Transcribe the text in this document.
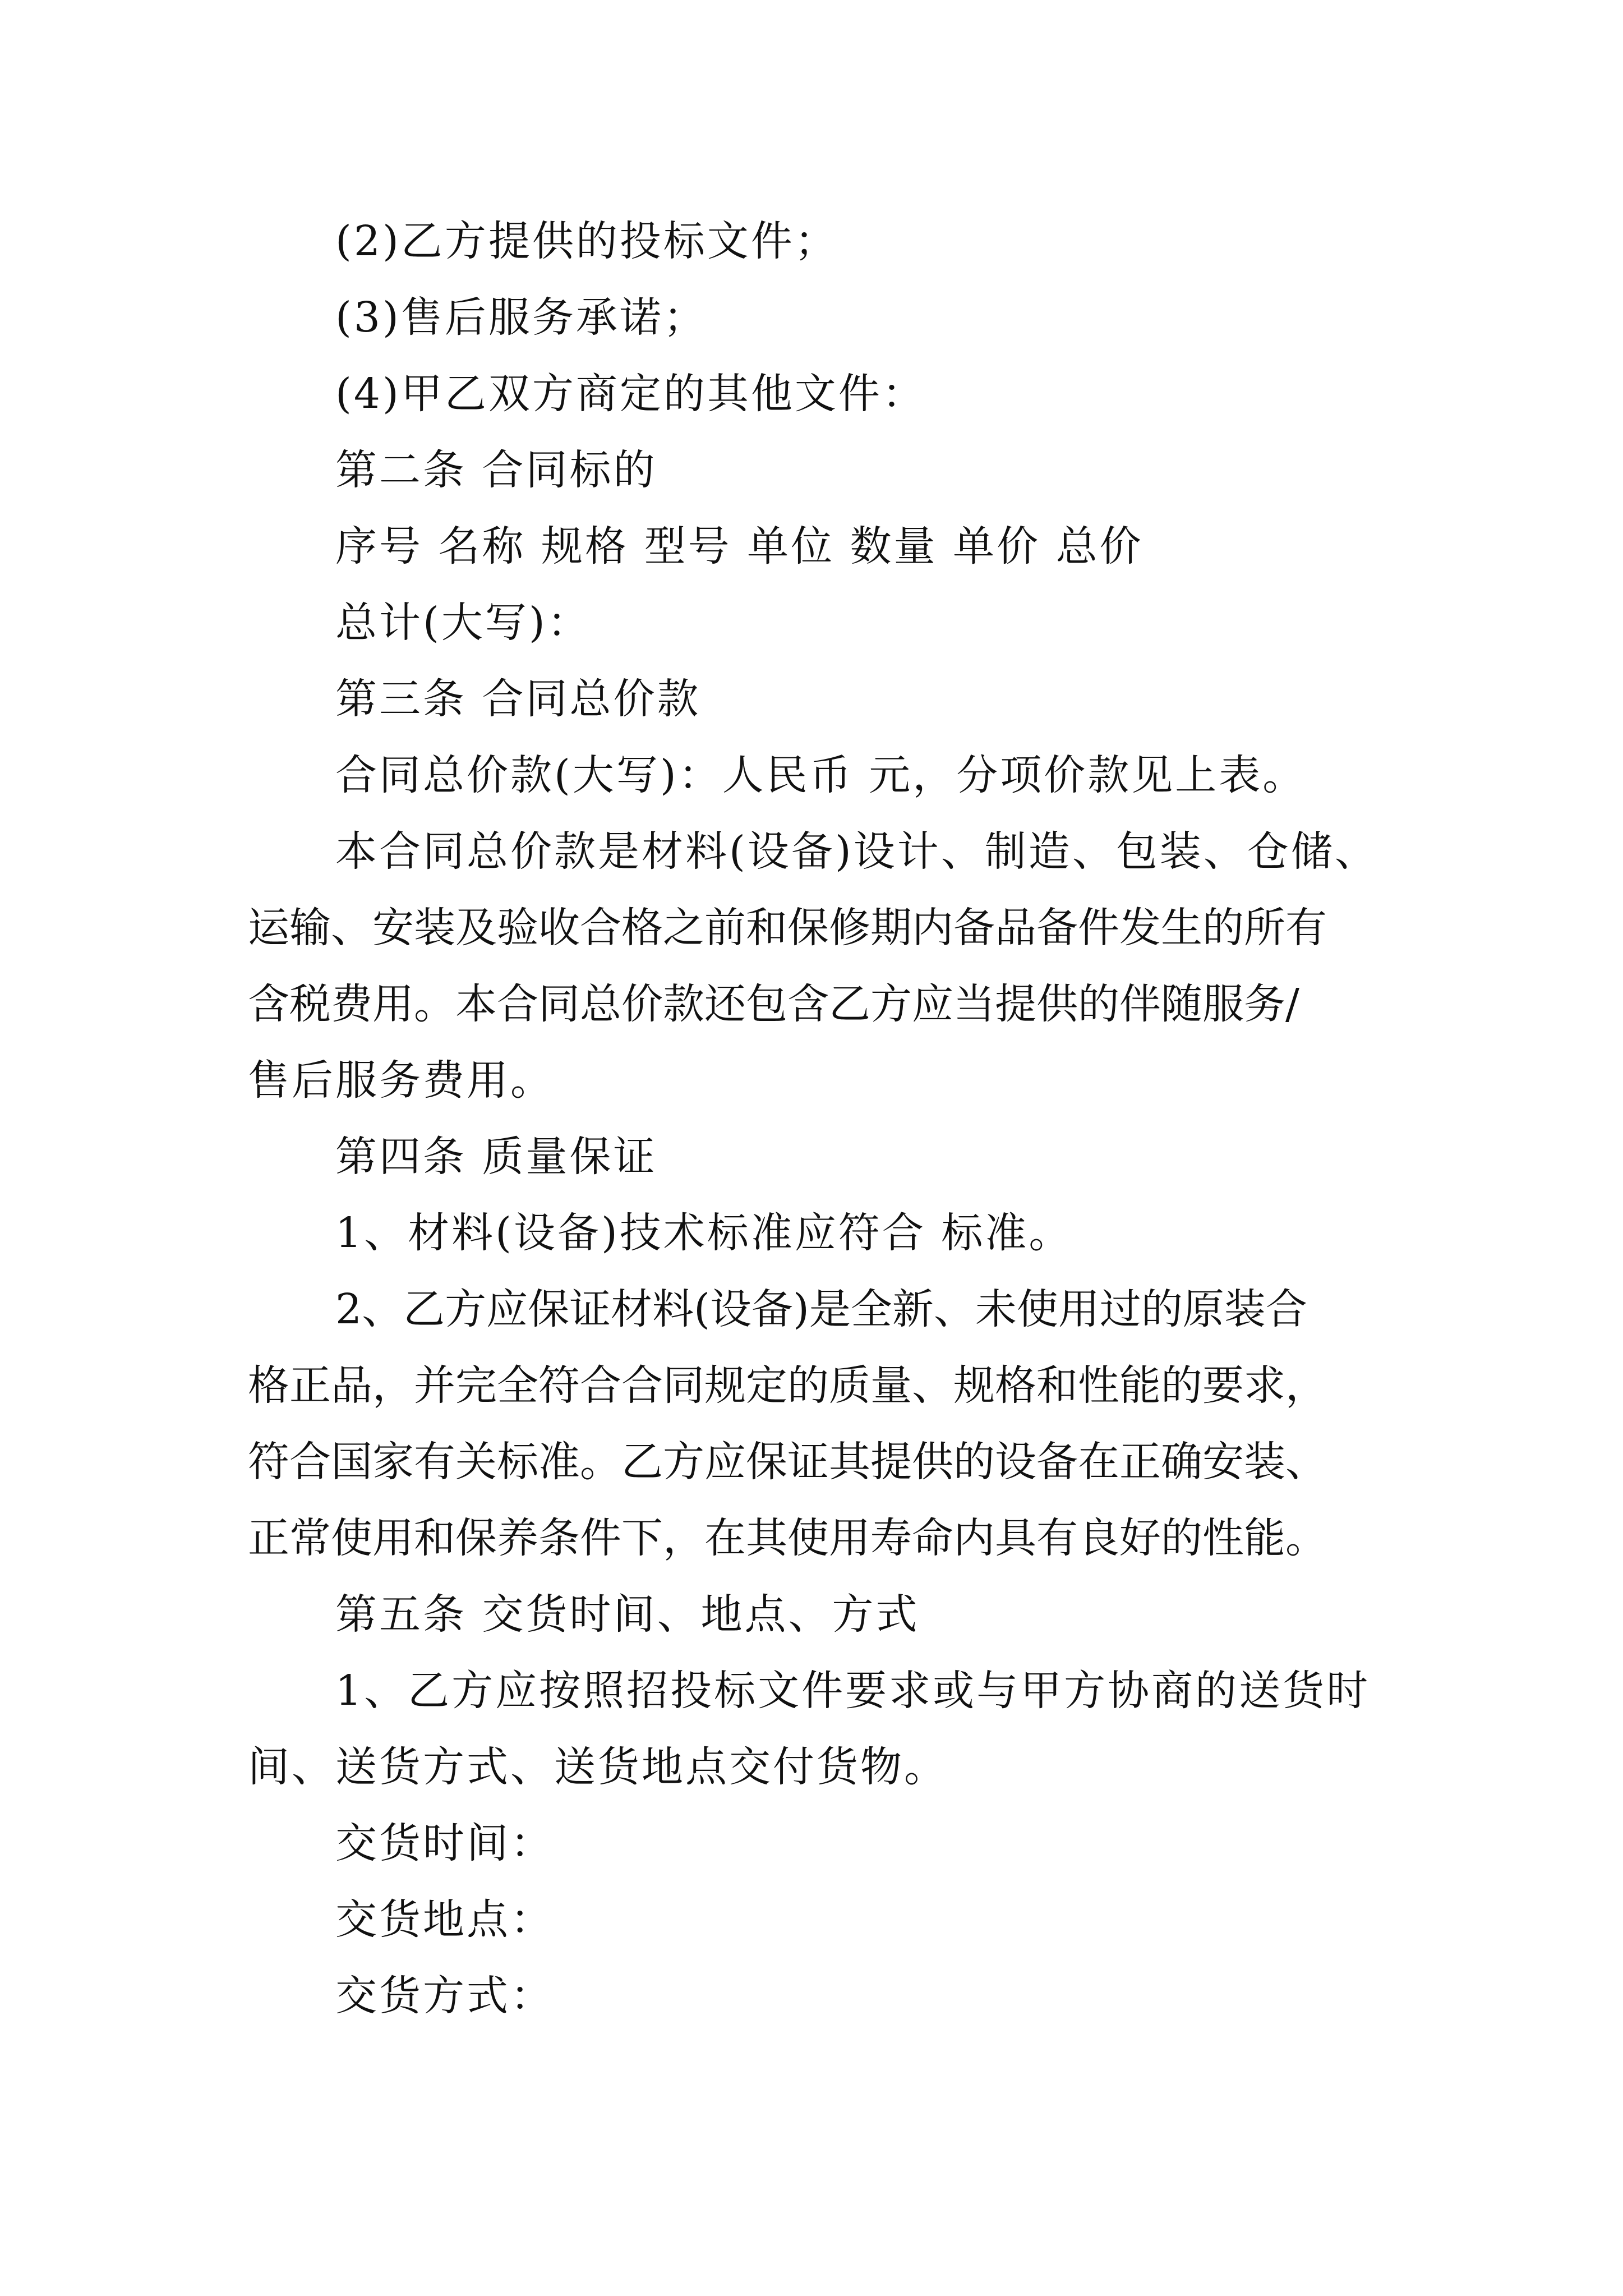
(2)乙方提供的投标文件；
(3)售后服务承诺；
(4)甲乙双方商定的其他文件：
第二条 合同标的
序号 名称 规格 型号 单位 数量 单价 总价
总计(大写)：
第三条 合同总价款
合同总价款(大写)：人民币 元，分项价款见上表。
本合同总价款是材料(设备)设计、制造、包装、仓储、
运输、安装及验收合格之前和保修期内备品备件发生的所有
含税费用。本合同总价款还包含乙方应当提供的伴随服务/
售后服务费用。
第四条 质量保证
1、材料(设备)技术标准应符合 标准。
2、乙方应保证材料(设备)是全新、未使用过的原装合
格正品，并完全符合合同规定的质量、规格和性能的要求，
符合国家有关标准。乙方应保证其提供的设备在正确安装、
正常使用和保养条件下，在其使用寿命内具有良好的性能。
第五条 交货时间、地点、方式
1、乙方应按照招投标文件要求或与甲方协商的送货时
间、送货方式、送货地点交付货物。
交货时间：
交货地点：
交货方式：
